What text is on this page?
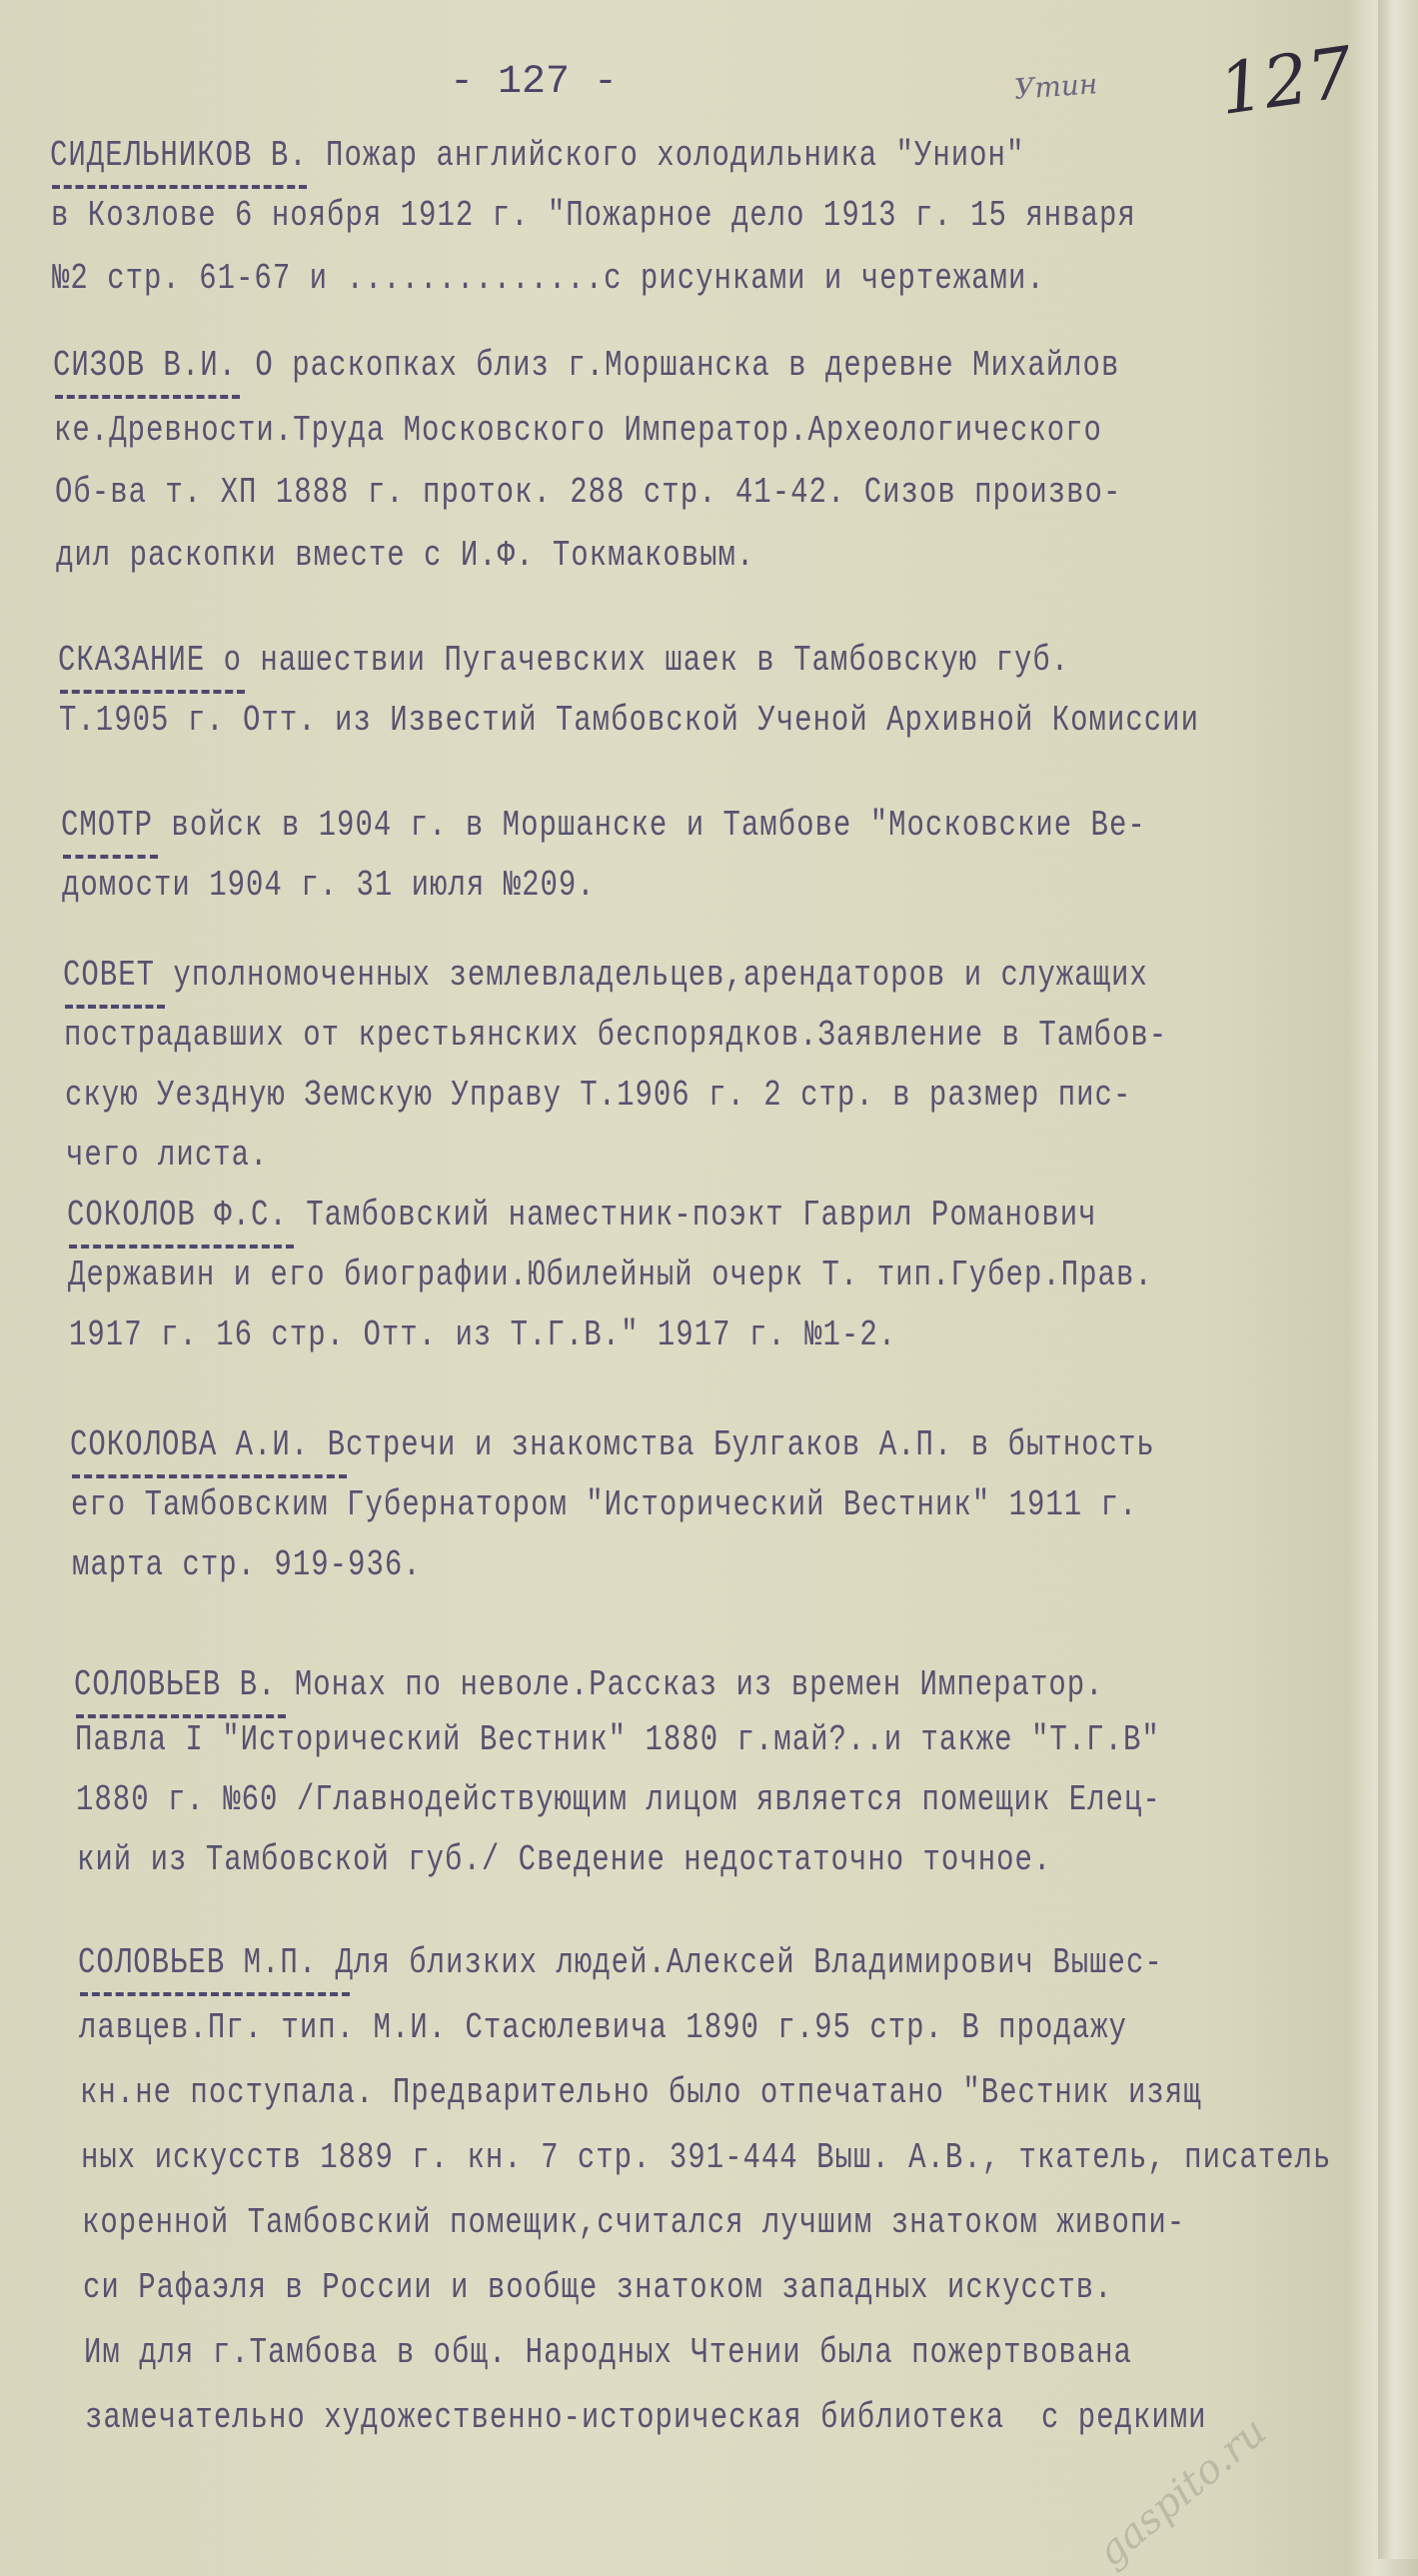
- 127 -	Утин 127
СИДЕЛЬНИКОВ В. Пожар английского холодильника "Унион"
в Козлове 6 ноября 1912 г. "Пожарное дело 1913 г. 15 января
№2 стр. 61-67 и ..............с рисунками и чертежами.
СИЗОВ В.И. О раскопках близ г.Моршанска в деревне Михайлов
ке.Древности.Труда Московского Император.Археологического
Об-ва т. ХП 1888 г. проток. 288 стр. 41-42. Сизов произво-
дил раскопки вместе с И.Ф. Токмаковым.
СКАЗАНИЕ о нашествии Пугачевских шаек в Тамбовскую губ.
Т.1905 г. Отт. из Известий Тамбовской Ученой Архивной Комиссии
СМОТР войск в 1904 г. в Моршанске и Тамбове "Московские Ве-
домости 1904 г. 31 июля №209.
СОВЕТ уполномоченных землевладельцев,арендаторов и служащих
пострадавших от крестьянских беспорядков.Заявление в Тамбов-
скую Уездную Земскую Управу Т.1906 г. 2 стр. в размер пис-
чего листа.
СОКОЛОВ Ф.С. Тамбовский наместник-поэкт Гаврил Романович
Державин и его биографии.Юбилейный очерк Т. тип.Губер.Прав.
1917 г. 16 стр. Отт. из Т.Г.В." 1917 г. №1-2.
СОКОЛОВА А.И. Встречи и знакомства Булгаков А.П. в бытность
его Тамбовским Губернатором "Исторический Вестник" 1911 г.
марта стр. 919-936.
СОЛОВЬЕВ В. Монах по неволе.Рассказ из времен Император.
Павла I "Исторический Вестник" 1880 г.май?..и также "Т.Г.В"
1880 г. №60 /Главнодействующим лицом является помещик Елец-
кий из Тамбовской губ./ Сведение недостаточно точное.
СОЛОВЬЕВ М.П. Для близких людей.Алексей Владимирович Вышес-
лавцев.Пг. тип. М.И. Стасюлевича 1890 г.95 стр. В продажу
кн.не поступала. Предварительно было отпечатано "Вестник изящ
ных искусств 1889 г. кн. 7 стр. 391-444 Выш. А.В., ткатель, писатель
коренной Тамбовский помещик,считался лучшим знатоком живопи-
си Рафаэля в России и вообще знатоком западных искусств.
Им для г.Тамбова в общ. Народных Чтении была пожертвована
замечательно художественно-историческая библиотека  с редкими
gaspito.ru
